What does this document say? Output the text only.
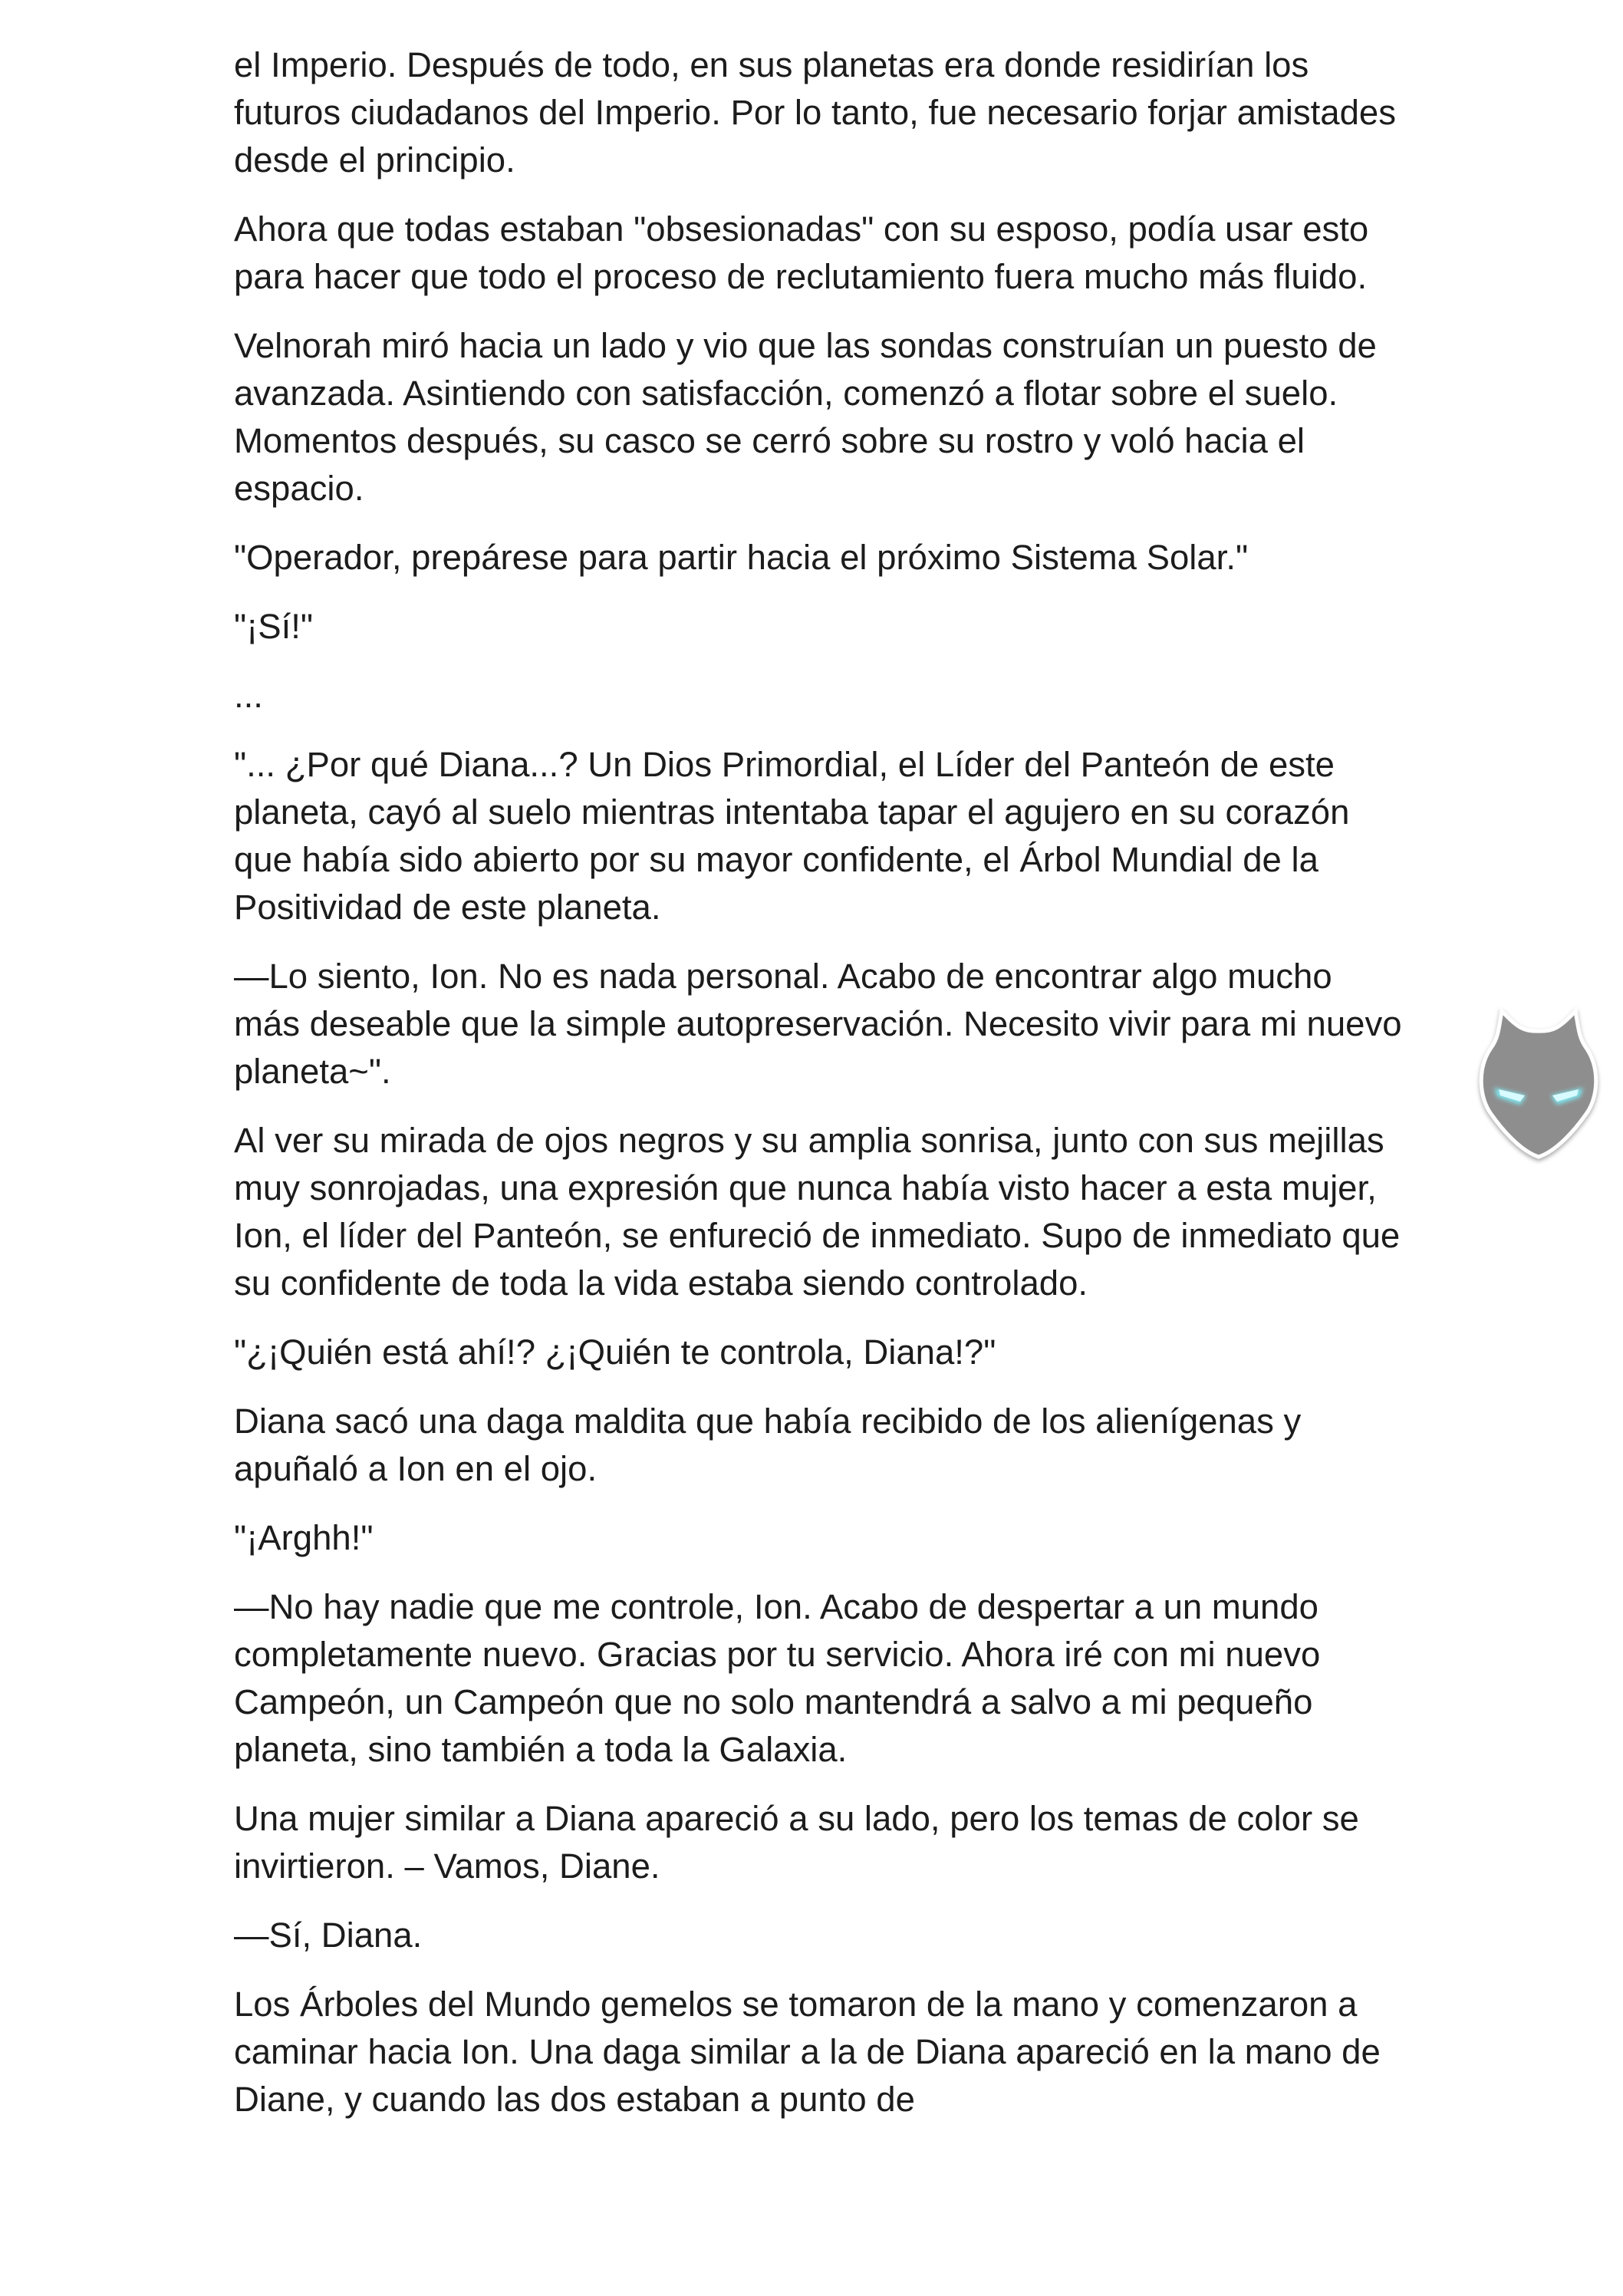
el Imperio. Después de todo, en sus planetas era donde residirían los futuros ciudadanos del Imperio. Por lo tanto, fue necesario forjar amistades desde el principio.

Ahora que todas estaban "obsesionadas" con su esposo, podía usar esto para hacer que todo el proceso de reclutamiento fuera mucho más fluido.

Velnorah miró hacia un lado y vio que las sondas construían un puesto de avanzada. Asintiendo con satisfacción, comenzó a flotar sobre el suelo. Momentos después, su casco se cerró sobre su rostro y voló hacia el espacio.

"Operador, prepárese para partir hacia el próximo Sistema Solar."

"¡Sí!"

...

"... ¿Por qué Diana...? Un Dios Primordial, el Líder del Panteón de este planeta, cayó al suelo mientras intentaba tapar el agujero en su corazón que había sido abierto por su mayor confidente, el Árbol Mundial de la Positividad de este planeta.

—Lo siento, Ion. No es nada personal. Acabo de encontrar algo mucho más deseable que la simple autopreservación. Necesito vivir para mi nuevo planeta~".

Al ver su mirada de ojos negros y su amplia sonrisa, junto con sus mejillas muy sonrojadas, una expresión que nunca había visto hacer a esta mujer, Ion, el líder del Panteón, se enfureció de inmediato. Supo de inmediato que su confidente de toda la vida estaba siendo controlado.

"¿¡Quién está ahí!? ¿¡Quién te controla, Diana!?"

Diana sacó una daga maldita que había recibido de los alienígenas y apuñaló a Ion en el ojo.

"¡Arghh!"

—No hay nadie que me controle, Ion. Acabo de despertar a un mundo completamente nuevo. Gracias por tu servicio. Ahora iré con mi nuevo Campeón, un Campeón que no solo mantendrá a salvo a mi pequeño planeta, sino también a toda la Galaxia.

Una mujer similar a Diana apareció a su lado, pero los temas de color se invirtieron. – Vamos, Diane.

—Sí, Diana.

Los Árboles del Mundo gemelos se tomaron de la mano y comenzaron a caminar hacia Ion. Una daga similar a la de Diana apareció en la mano de Diane, y cuando las dos estaban a punto de
